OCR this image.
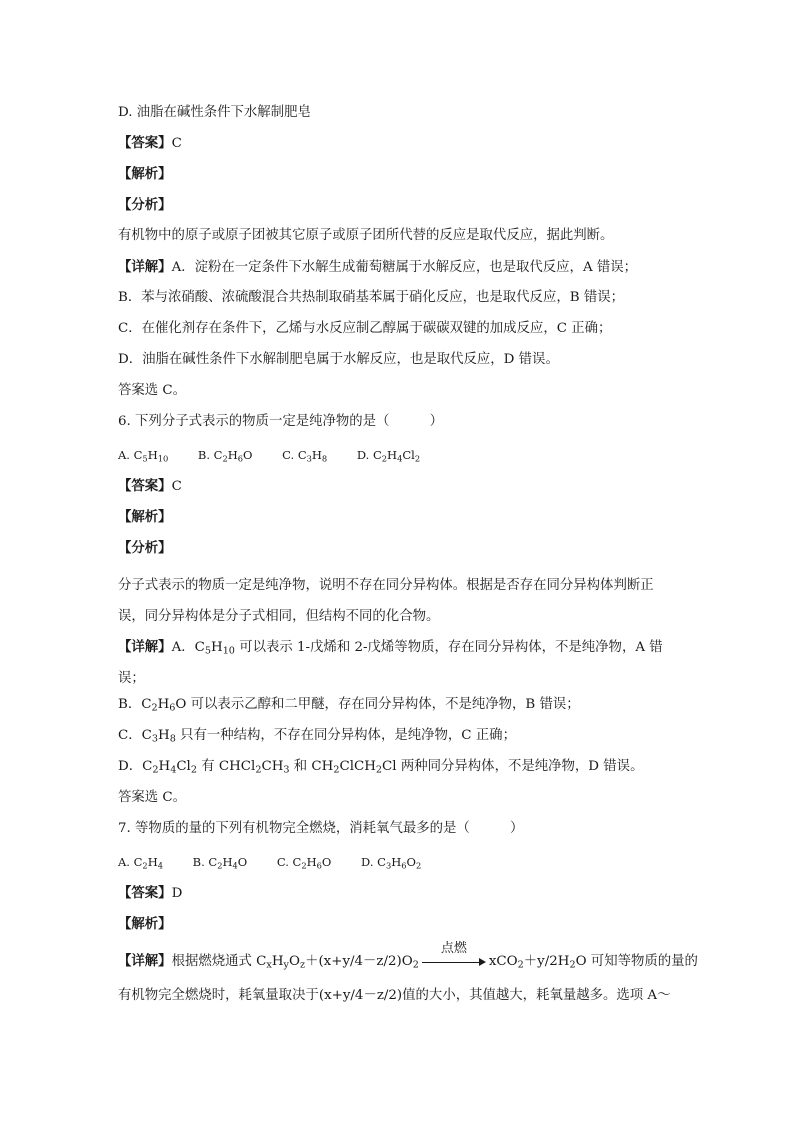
D. 油脂在碱性条件下水解制肥皂
【答案】C
【解析】
【分析】
有机物中的原子或原子团被其它原子或原子团所代替的反应是取代反应，据此判断。
【详解】A．淀粉在一定条件下水解生成葡萄糖属于水解反应，也是取代反应，A 错误；
B．苯与浓硝酸、浓硫酸混合共热制取硝基苯属于硝化反应，也是取代反应，B 错误；
C．在催化剂存在条件下，乙烯与水反应制乙醇属于碳碳双键的加成反应，C 正确；
D．油脂在碱性条件下水解制肥皂属于水解反应，也是取代反应，D 错误。
答案选 C。
6. 下列分子式表示的物质一定是纯净物的是（　　　）
A. $C_5H_{10}$	B. $C_2H_6O$	C. $C_3H_8$	D. $C_2H_4Cl_2$
【答案】C
【解析】
【分析】
分子式表示的物质一定是纯净物，说明不存在同分异构体。根据是否存在同分异构体判断正误，同分异构体是分子式相同，但结构不同的化合物。
【详解】A．$C_5H_{10}$ 可以表示 1-戊烯和 2-戊烯等物质，存在同分异构体，不是纯净物，A 错误；
B．$C_2H_6O$ 可以表示乙醇和二甲醚，存在同分异构体，不是纯净物，B 错误；
C．$C_3H_8$ 只有一种结构，不存在同分异构体，是纯净物，C 正确；
D．$C_2H_4Cl_2$ 有 $CHCl_2CH_3$ 和 $CH_2ClCH_2Cl$ 两种同分异构体，不是纯净物，D 错误。
答案选 C。
7. 等物质的量的下列有机物完全燃烧，消耗氧气最多的是（　　　）
A. $C_2H_4$	B. $C_2H_4O$	C. $C_2H_6O$	D. $C_3H_6O_2$
【答案】D
【解析】
【详解】根据燃烧通式 $C_xH_yO_z+(x+y/4-z/2)O_2$
点燃
$xCO_2+y/2H_2O$ 可知等物质的量的
有机物完全燃烧时，耗氧量取决于(x+y/4－z/2)值的大小，其值越大，耗氧量越多。选项 A～
